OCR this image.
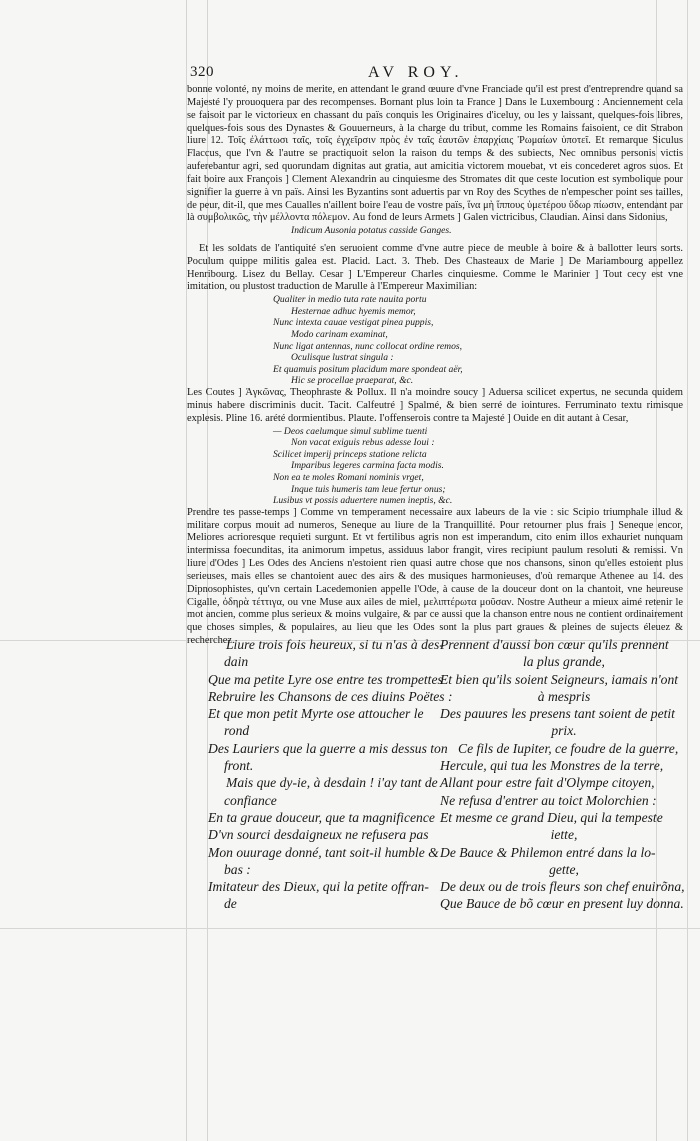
320	AV ROY.

bonne volonté, ny moins de merite, en attendant le grand œuure d'vne Franciade qu'il est prest d'entreprendre quand sa Majesté l'y prouoquera par des recompenses. Bornant plus loin ta France ] Dans le Luxembourg : Anciennement cela se faisoit par le victorieux en chassant du païs conquis les Originaires d'iceluy, ou les y laissant, quelques-fois libres, quelques-fois sous des Dynastes & Gouuerneurs, à la charge du tribut, comme les Romains faisoient, ce dit Strabon liure 12. Τοῖς ἐλάττωσι ταῖς, τοῖς ἐγχεῖρσιν πρὸς ἐν ταῖς ἑαυτῶν ἑπαρχίαις Ῥωμαίων ὑποτεῖ. Et remarque Siculus Flaccus, que l'vn & l'autre se practiquoit selon la raison du temps & des subiects, Nec omnibus personis victis auferebantur agri, sed quorundam dignitas aut gratia, aut amicitia victorem mouebat, vt eis concederet agros suos. Et fait boire aux François ] Clement Alexandrin au cinquiesme des Stromates dit que ceste locution est symbolique pour signifier la guerre à vn païs. Ainsi les Byzantins sont aduertis par vn Roy des Scythes de n'empescher point ses tailles, de peur, dit-il, que mes Caualles n'aillent boire l'eau de vostre païs, ἵνα μὴ ἵππους ὑμετέρου ὕδωρ πίωσιν, entendant par là συμβολικῶς, τὴν μέλλοντα πόλεμον. Au fond de leurs Armets ] Galen victricibus, Claudian. Ainsi dans Sidonius,

Indicum Ausonia potatus casside Ganges.

Et les soldats de l'antiquité s'en seruoient comme d'vne autre piece de meuble à boire & à ballotter leurs sorts. Poculum quippe militis galea est. Placid. Lact. 3. Theb. Des Chasteaux de Marie ] De Mariambourg appellez Henribourg. Lisez du Bellay. Cesar ] L'Empereur Charles cinquiesme. Comme le Marinier ] Tout cecy est vne imitation, ou plustost traduction de Marulle à l'Empereur Maximilian:

Qualiter in medio tuta rate nauita portu
Hesternae adhuc hyemis memor,
Nunc intexta cauae vestigat pinea puppis,
Modo carinam examinat,
Nunc ligat antennas, nunc collocat ordine remos,
Oculisque lustrat singula :
Et quamuis positum placidum mare spondeat aër,
Hic se procellae praeparat, &c.

Les Coutes ] Ἀγκῶνας, Theophraste & Pollux. Il n'a moindre soucy ] Aduersa scilicet expertus, ne secunda quidem minus habere discriminis ducit. Tacit. Calfeutré ] Spalmé, & bien serré de iointures. Ferruminato textu rimisque explesis. Pline 16. arété dormientibus. Plaute. I'offenserois contre ta Majesté ] Ouide en dit autant à Cesar,

— Deos caelumque simul sublime tuenti
Non vacat exiguis rebus adesse Ioui :
Scilicet imperij princeps statione relicta
Imparibus legeres carmina facta modis.
Non ea te moles Romani nominis vrget,
Inque tuis humeris tam leue fertur onus;
Lusibus vt possis aduertere numen ineptis, &c.

Prendre tes passe-temps ] Comme vn temperament necessaire aux labeurs de la vie : sic Scipio triumphale illud & militare corpus mouit ad numeros, Seneque au liure de la Tranquillité. Pour retourner plus frais ] Seneque encor, Meliores acrioresque requieti surgunt. Et vt fertilibus agris non est imperandum, cito enim illos exhauriet nunquam intermissa foecunditas, ita animorum impetus, assiduus labor frangit, vires recipiunt paulum resoluti & remissi. Vn liure d'Odes ] Les Odes des Anciens n'estoient rien quasi autre chose que nos chansons, sinon qu'elles estoient plus serieuses, mais elles se chantoient auec des airs & des musiques harmonieuses, d'où remarque Athenee au 14. des Dipnosophistes, qu'vn certain Lacedemonien appelle l'Ode, à cause de la douceur dont on la chantoit, vne heureuse Cigalle, ὀδηρὰ τέττιγα, ou vne Muse aux ailes de miel, μελιπτέρωτα μοῦσαν. Nostre Autheur a mieux aimé retenir le mot ancien, comme plus serieux & moins vulgaire, & par ce aussi que la chanson entre nous ne contient ordinairement que choses simples, & populaires, au lieu que les Odes sont la plus part graues & pleines de sujects éleuez & recherchez.

Liure trois fois heureux, si tu n'as à des-
dain
Que ma petite Lyre ose entre tes trompettes
Rebruire les Chansons de ces diuins Poëtes :
Et que mon petit Myrte ose attoucher le
rond
Des Lauriers que la guerre a mis dessus ton
front.
Mais que dy-ie, à desdain ! i'ay tant de
confiance
En ta graue douceur, que ta magnificence
D'vn sourci desdaigneux ne refusera pas
Mon ouurage donné, tant soit-il humble &
bas :
Imitateur des Dieux, qui la petite offran-
de
Prennent d'aussi bon cœur qu'ils prennent
la plus grande,
Et bien qu'ils soient Seigneurs, iamais n'ont
à mespris
Des pauures les presens tant soient de petit
prix.
Ce fils de Iupiter, ce foudre de la guerre,
Hercule, qui tua les Monstres de la terre,
Allant pour estre fait d'Olympe citoyen,
Ne refusa d'entrer au toict Molorchien :
Et mesme ce grand Dieu, qui la tempeste
iette,
De Bauce & Philemon entré dans la lo-
gette,
De deux ou de trois fleurs son chef enuirõna,
Que Bauce de bõ cœur en present luy donna.
